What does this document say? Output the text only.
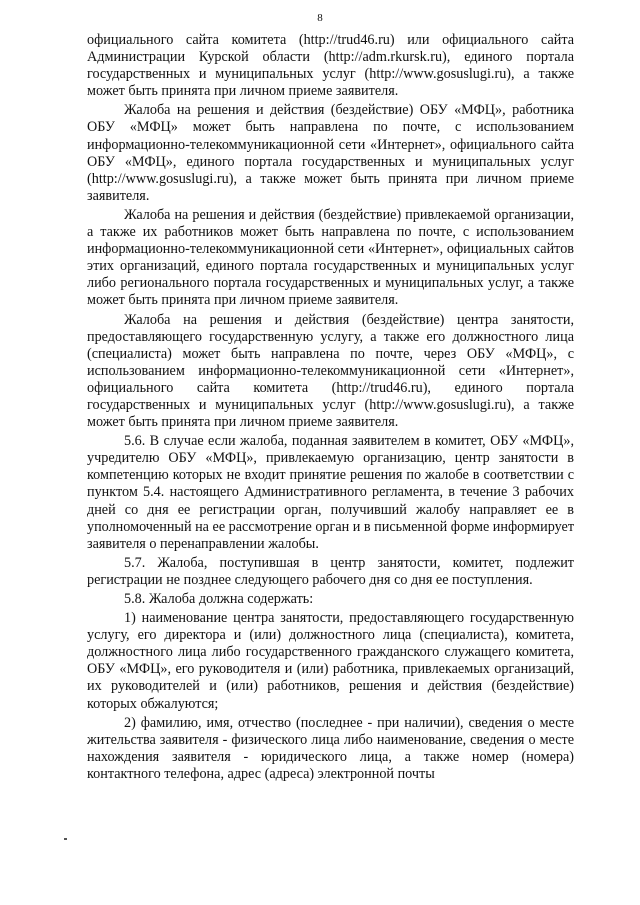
8

официального сайта комитета (http://trud46.ru) или официального сайта Администрации Курской области (http://adm.rkursk.ru), единого портала государственных и муниципальных услуг (http://www.gosuslugi.ru), а также может быть принята при личном приеме заявителя.

Жалоба на решения и действия (бездействие) ОБУ «МФЦ», работника ОБУ «МФЦ» может быть направлена по почте, с использованием информационно-телекоммуникационной сети «Интернет», официального сайта ОБУ «МФЦ», единого портала государственных и муниципальных услуг (http://www.gosuslugi.ru), а также может быть принята при личном приеме заявителя.

Жалоба на решения и действия (бездействие) привлекаемой организации, а также их работников может быть направлена по почте, с использованием информационно-телекоммуникационной сети «Интернет», официальных сайтов этих организаций, единого портала государственных и муниципальных услуг либо регионального портала государственных и муниципальных услуг, а также может быть принята при личном приеме заявителя.

Жалоба на решения и действия (бездействие) центра занятости, предоставляющего государственную услугу, а также его должностного лица (специалиста) может быть направлена по почте, через ОБУ «МФЦ», с использованием информационно-телекоммуникационной сети «Интернет», официального сайта комитета (http://trud46.ru), единого портала государственных и муниципальных услуг (http://www.gosuslugi.ru), а также может быть принята при личном приеме заявителя.

5.6. В случае если жалоба, поданная заявителем в комитет, ОБУ «МФЦ», учредителю ОБУ «МФЦ», привлекаемую организацию, центр занятости в компетенцию которых не входит принятие решения по жалобе в соответствии с пунктом 5.4. настоящего Административного регламента, в течение 3 рабочих дней со дня ее регистрации орган, получивший жалобу направляет ее в уполномоченный на ее рассмотрение орган и в письменной форме информирует заявителя о перенаправлении жалобы.

5.7. Жалоба, поступившая в центр занятости, комитет, подлежит регистрации не позднее следующего рабочего дня со дня ее поступления.

5.8. Жалоба должна содержать:

1) наименование центра занятости, предоставляющего государственную услугу, его директора и (или) должностного лица (специалиста), комитета, должностного лица либо государственного гражданского служащего комитета, ОБУ «МФЦ», его руководителя и (или) работника, привлекаемых организаций, их руководителей и (или) работников, решения и действия (бездействие) которых обжалуются;

2) фамилию, имя, отчество (последнее - при наличии), сведения о месте жительства заявителя - физического лица либо наименование, сведения о месте нахождения заявителя - юридического лица, а также номер (номера) контактного телефона, адрес (адреса) электронной почты
